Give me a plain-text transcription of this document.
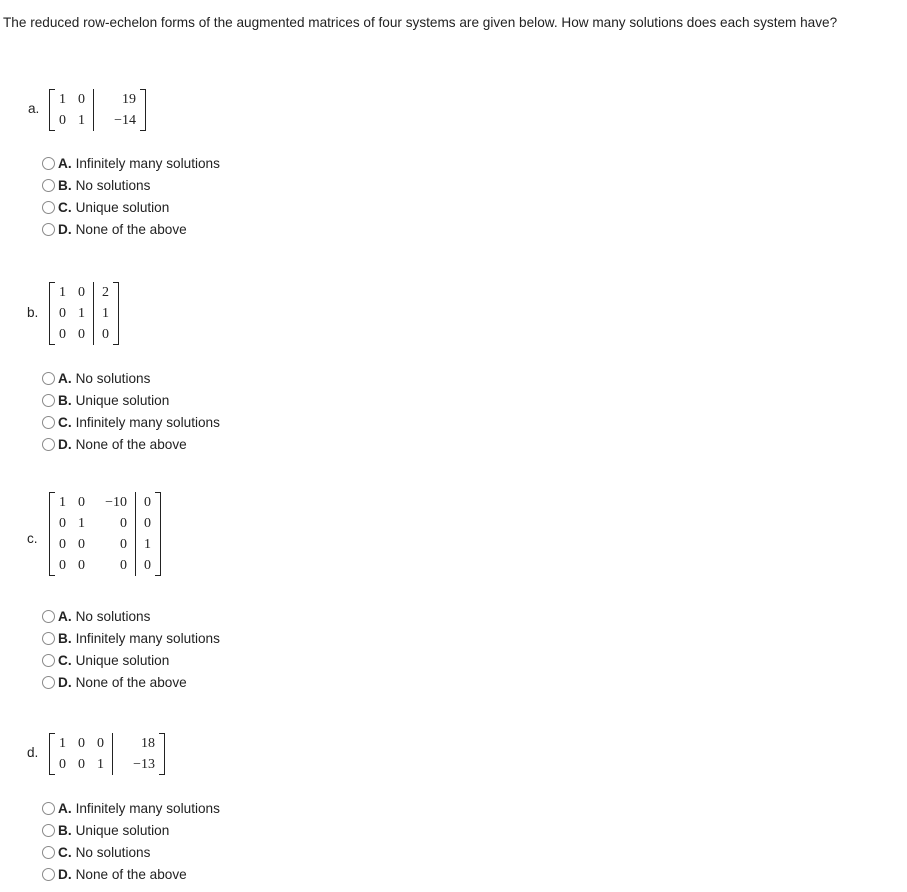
The reduced row-echelon forms of the augmented matrices of four systems are given below. How many solutions does each system have?
a.
1	0	19
0	1	−14
A. Infinitely many solutions
B. No solutions
C. Unique solution
D. None of the above
b.
1	0	2
0	1	1
0	0	0
A. No solutions
B. Unique solution
C. Infinitely many solutions
D. None of the above
c.
1	0	−10	0
0	1	0	0
0	0	0	1
0	0	0	0
A. No solutions
B. Infinitely many solutions
C. Unique solution
D. None of the above
d.
1	0	0	18
0	0	1	−13
A. Infinitely many solutions
B. Unique solution
C. No solutions
D. None of the above
